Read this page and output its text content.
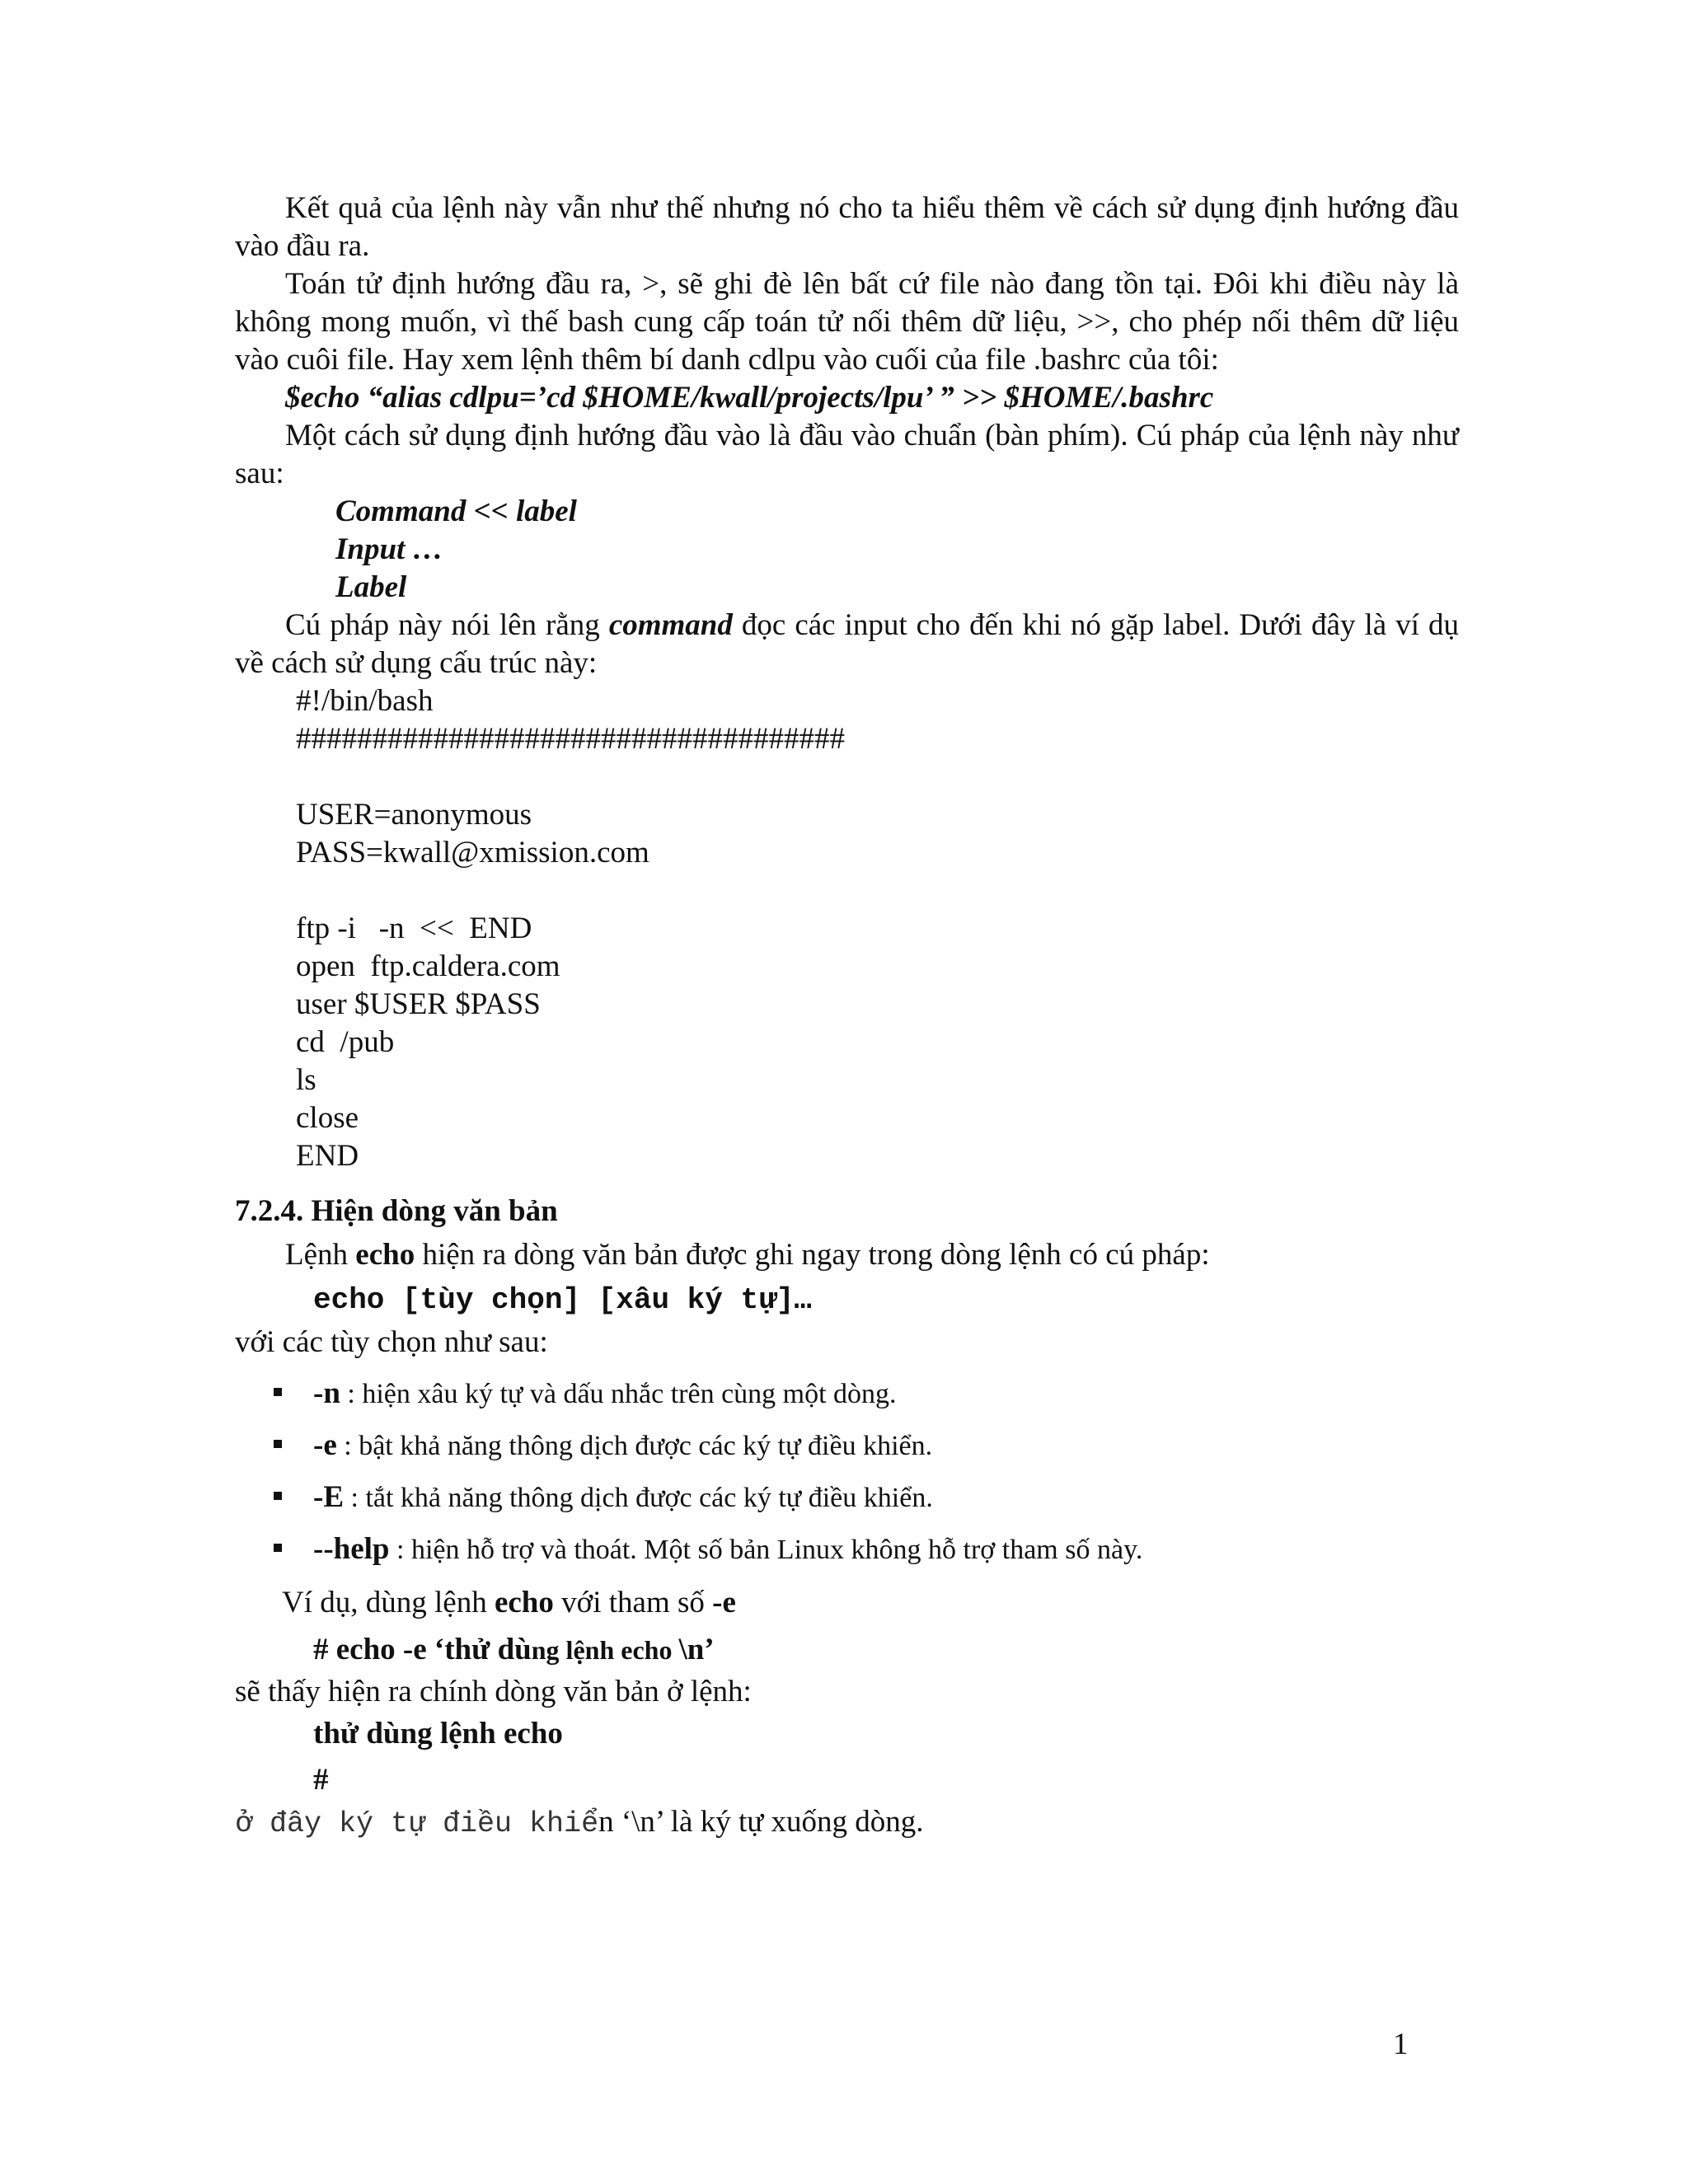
Kết quả của lệnh này vẫn như thế nhưng nó cho ta hiểu thêm về cách sử dụng định hướng đầu vào đầu ra.

Toán tử định hướng đầu ra, >, sẽ ghi đè lên bất cứ file nào đang tồn tại. Đôi khi điều này là không mong muốn, vì thế bash cung cấp toán tử nối thêm dữ liệu, >>, cho phép nối thêm dữ liệu vào cuôi file. Hay xem lệnh thêm bí danh cdlpu vào cuối của file .bashrc của tôi:

$echo “alias cdlpu=’cd $HOME/kwall/projects/lpu’ ” >> $HOME/.bashrc

Một cách sử dụng định hướng đầu vào là đầu vào chuẩn (bàn phím). Cú pháp của lệnh này như sau:

Command << label

Input …

Label

Cú pháp này nói lên rằng command đọc các input cho đến khi nó gặp label. Dưới đây là ví dụ về cách sử dụng cấu trúc này:

#!/bin/bash

####################################

USER=anonymous

PASS=kwall@xmission.com

ftp -i   -n  <<  END

open  ftp.caldera.com

user $USER $PASS

cd  /pub

ls

close

END

7.2.4. Hiện dòng văn bản

Lệnh echo hiện ra dòng văn bản được ghi ngay trong dòng lệnh có cú pháp:

echo [tùy chọn] [xâu ký tự]…

với các tùy chọn như sau:

-n : hiện xâu ký tự và dấu nhắc trên cùng một dòng.
-e : bật khả năng thông dịch được các ký tự điều khiển.
-E : tắt khả năng thông dịch được các ký tự điều khiển.
--help : hiện hỗ trợ và thoát. Một số bản Linux không hỗ trợ tham số này.

Ví dụ, dùng lệnh echo với tham số -e

# echo -e ‘thử dùng lệnh echo \n’

sẽ thấy hiện ra chính dòng văn bản ở lệnh:

thử dùng lệnh echo

#

ở đây ký tự điều khiển ‘\n’ là ký tự xuống dòng.

1
